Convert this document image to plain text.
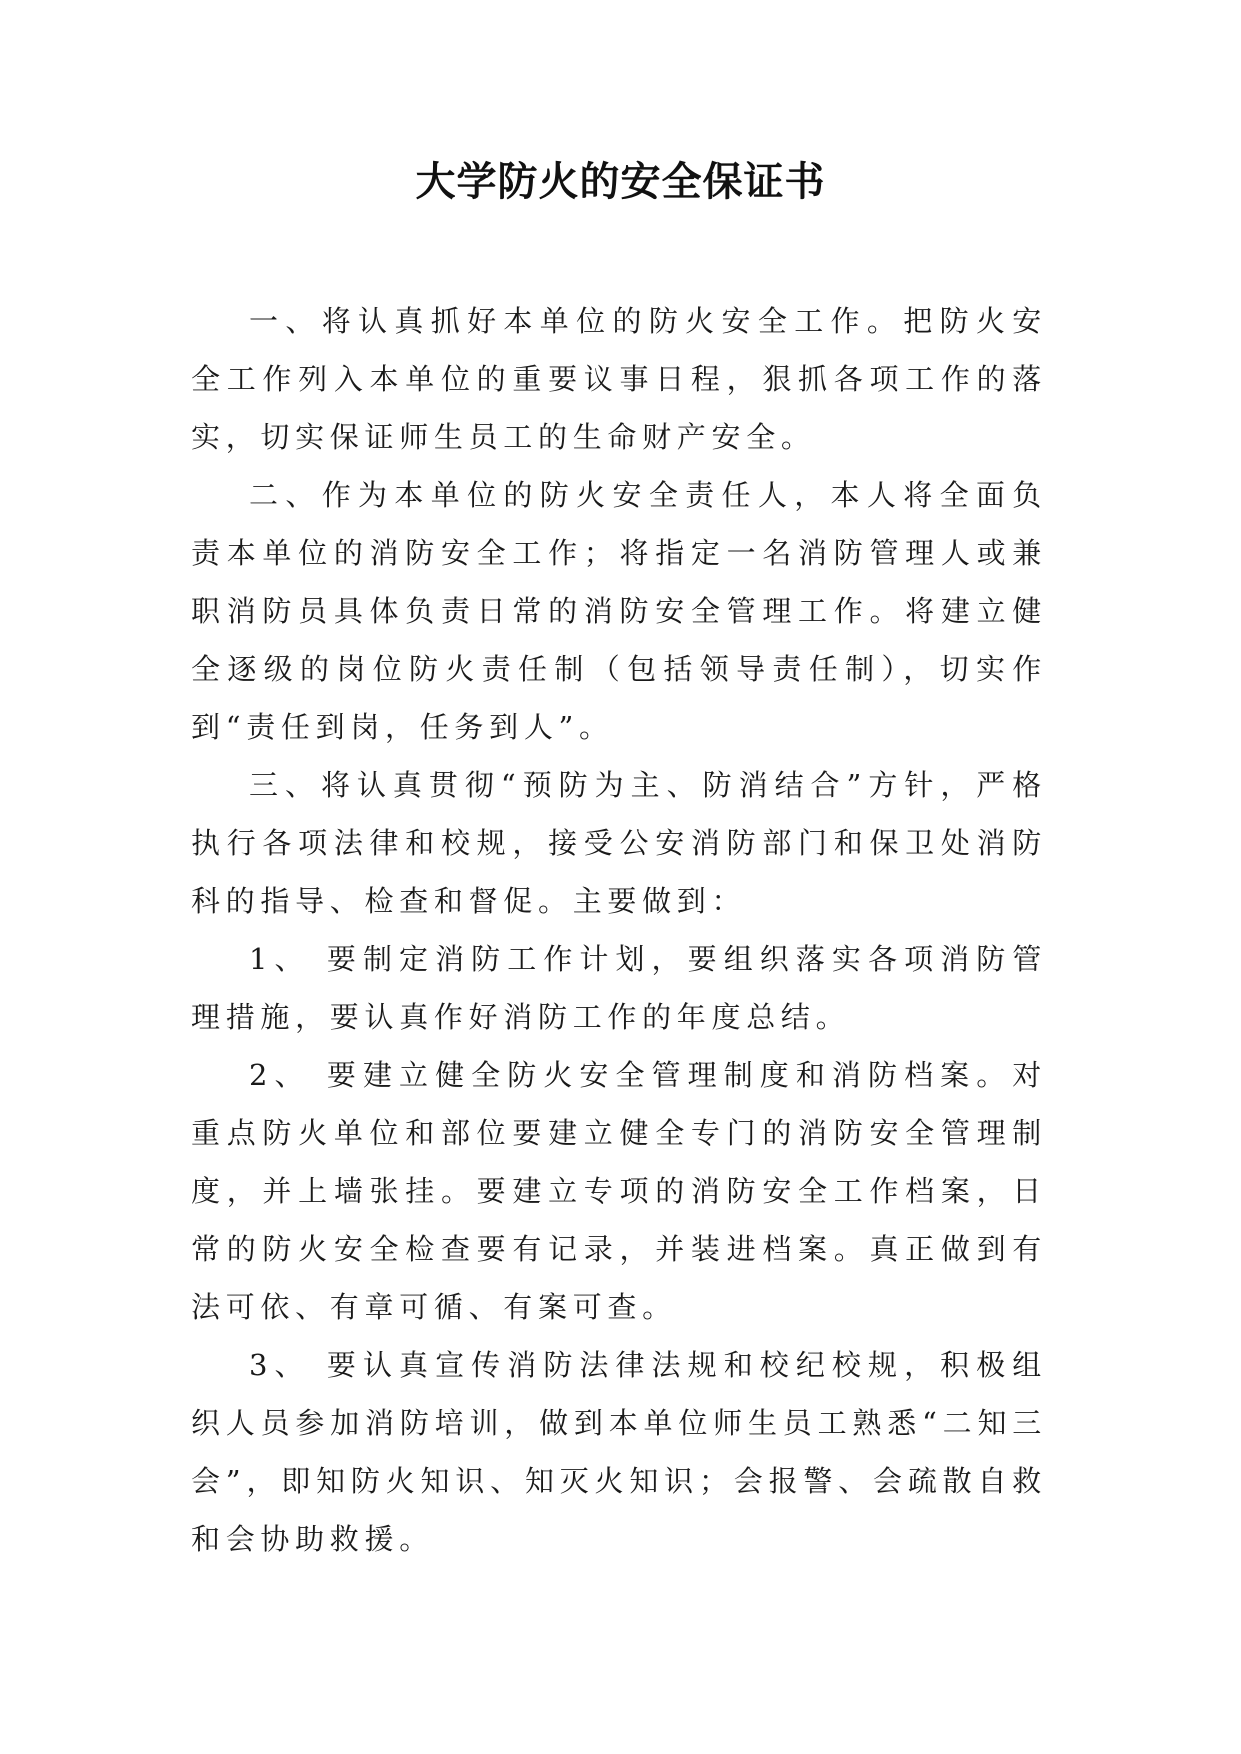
大学防火的安全保证书

一、将认真抓好本单位的防火安全工作。把防火安全工作列入本单位的重要议事日程，狠抓各项工作的落实，切实保证师生员工的生命财产安全。

二、作为本单位的防火安全责任人，本人将全面负责本单位的消防安全工作；将指定一名消防管理人或兼职消防员具体负责日常的消防安全管理工作。将建立健全逐级的岗位防火责任制（包括领导责任制），切实作到“责任到岗，任务到人”。

三、将认真贯彻“预防为主、防消结合”方针，严格执行各项法律和校规，接受公安消防部门和保卫处消防科的指导、检查和督促。主要做到：

1、 要制定消防工作计划，要组织落实各项消防管理措施，要认真作好消防工作的年度总结。

2、 要建立健全防火安全管理制度和消防档案。对重点防火单位和部位要建立健全专门的消防安全管理制度，并上墙张挂。要建立专项的消防安全工作档案，日常的防火安全检查要有记录，并装进档案。真正做到有法可依、有章可循、有案可查。

3、 要认真宣传消防法律法规和校纪校规，积极组织人员参加消防培训，做到本单位师生员工熟悉“二知三会”，即知防火知识、知灭火知识；会报警、会疏散自救和会协助救援。
